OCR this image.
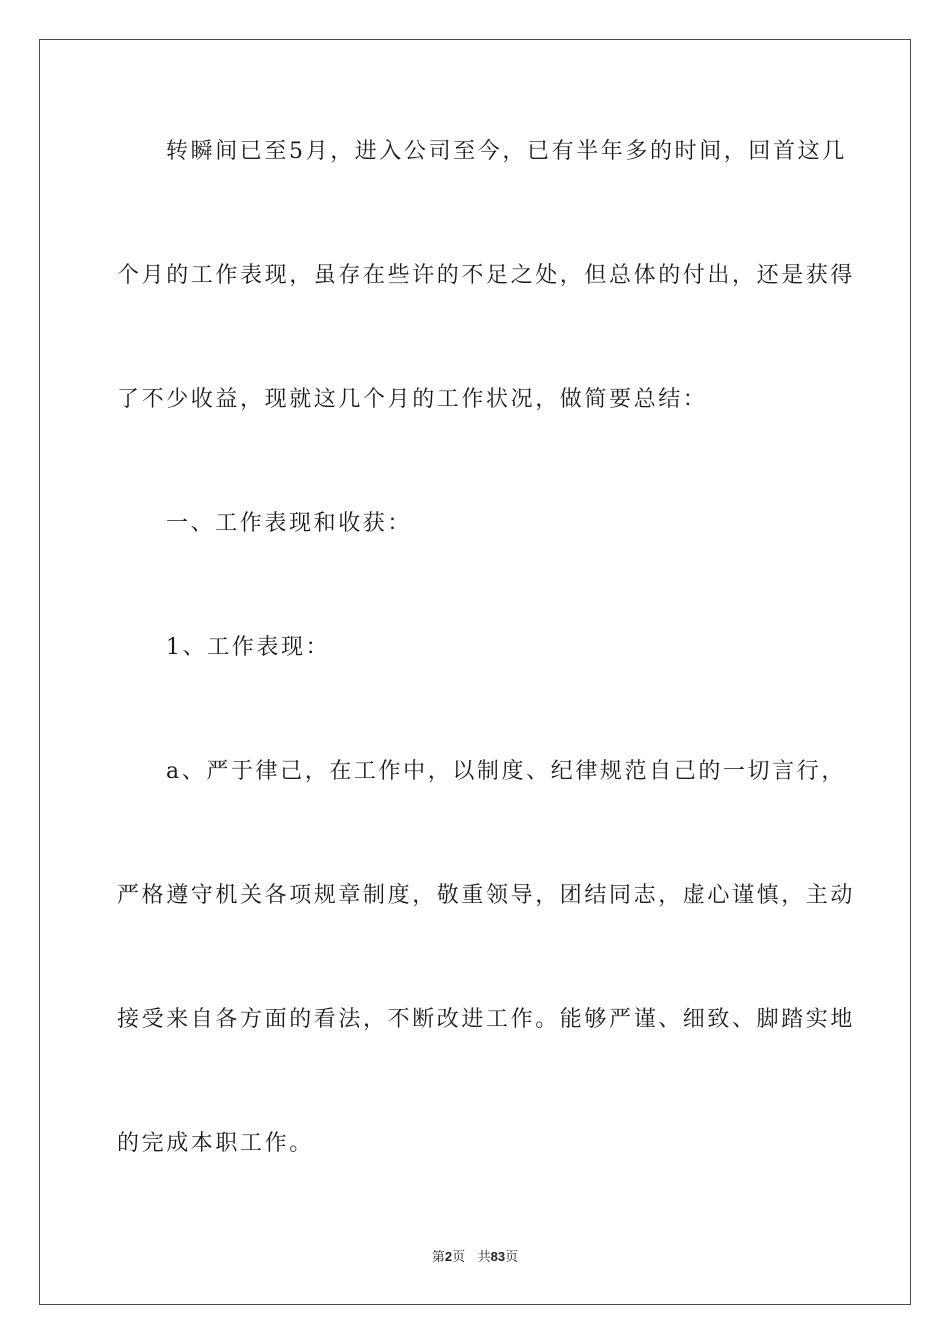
转瞬间已至5月，进入公司至今，已有半年多的时间，回首这几
个月的工作表现，虽存在些许的不足之处，但总体的付出，还是获得
了不少收益，现就这几个月的工作状况，做简要总结：
一、工作表现和收获：
1、工作表现：
a、严于律己，在工作中，以制度、纪律规范自己的一切言行，
严格遵守机关各项规章制度，敬重领导，团结同志，虚心谨慎，主动
接受来自各方面的看法，不断改进工作。能够严谨、细致、脚踏实地
的完成本职工作。
第2页 共83页
